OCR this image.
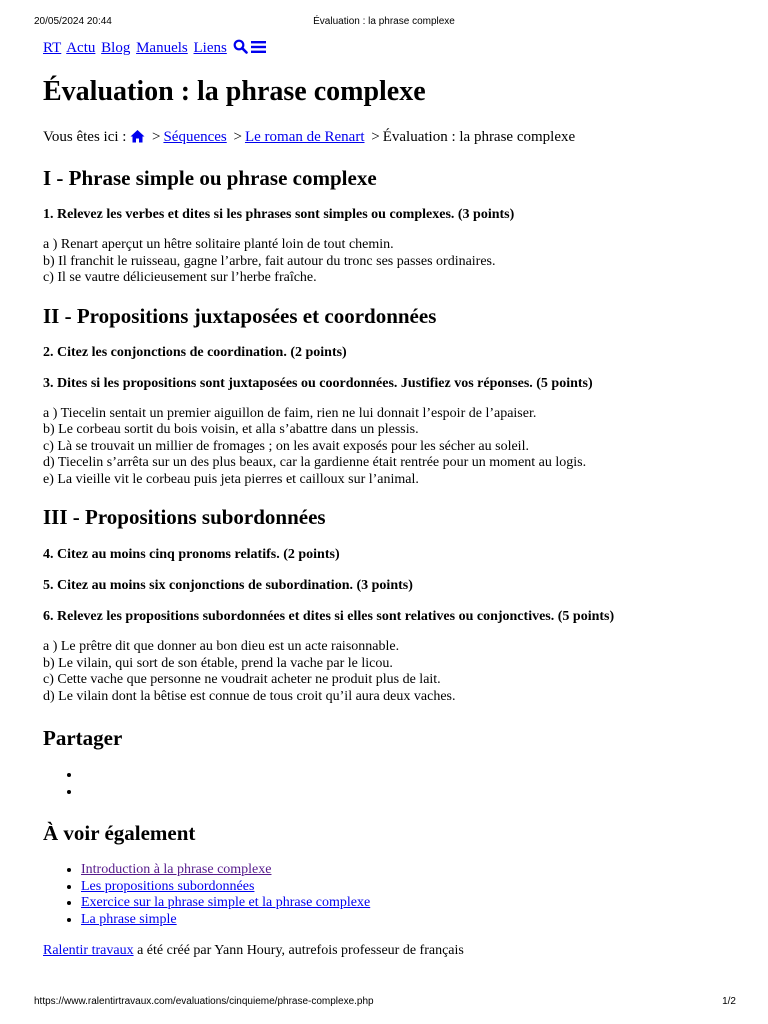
20/05/2024 20:44	Évaluation : la phrase complexe
RT Actu Blog Manuels Liens
Évaluation : la phrase complexe
Vous êtes ici : > Séquences > Le roman de Renart > Évaluation : la phrase complexe
I - Phrase simple ou phrase complexe

1. Relevez les verbes et dites si les phrases sont simples ou complexes. (3 points)

a ) Renart aperçut un hêtre solitaire planté loin de tout chemin.
b) Il franchit le ruisseau, gagne l’arbre, fait autour du tronc ses passes ordinaires.
c) Il se vautre délicieusement sur l’herbe fraîche.
II - Propositions juxtaposées et coordonnées

2. Citez les conjonctions de coordination. (2 points)

3. Dites si les propositions sont juxtaposées ou coordonnées. Justifiez vos réponses. (5 points)

a ) Tiecelin sentait un premier aiguillon de faim, rien ne lui donnait l’espoir de l’apaiser.
b) Le corbeau sortit du bois voisin, et alla s’abattre dans un plessis.
c) Là se trouvait un millier de fromages ; on les avait exposés pour les sécher au soleil.
d) Tiecelin s’arrêta sur un des plus beaux, car la gardienne était rentrée pour un moment au logis.
e) La vieille vit le corbeau puis jeta pierres et cailloux sur l’animal.
III - Propositions subordonnées

4. Citez au moins cinq pronoms relatifs. (2 points)

5. Citez au moins six conjonctions de subordination. (3 points)

6. Relevez les propositions subordonnées et dites si elles sont relatives ou conjonctives. (5 points)

a ) Le prêtre dit que donner au bon dieu est un acte raisonnable.
b) Le vilain, qui sort de son étable, prend la vache par le licou.
c) Cette vache que personne ne voudrait acheter ne produit plus de lait.
d) Le vilain dont la bêtise est connue de tous croit qu’il aura deux vaches.
Partager
•
•
À voir également
• Introduction à la phrase complexe
• Les propositions subordonnées
• Exercice sur la phrase simple et la phrase complexe
• La phrase simple
Ralentir travaux a été créé par Yann Houry, autrefois professeur de français
https://www.ralentirtravaux.com/evaluations/cinquieme/phrase-complexe.php	1/2
